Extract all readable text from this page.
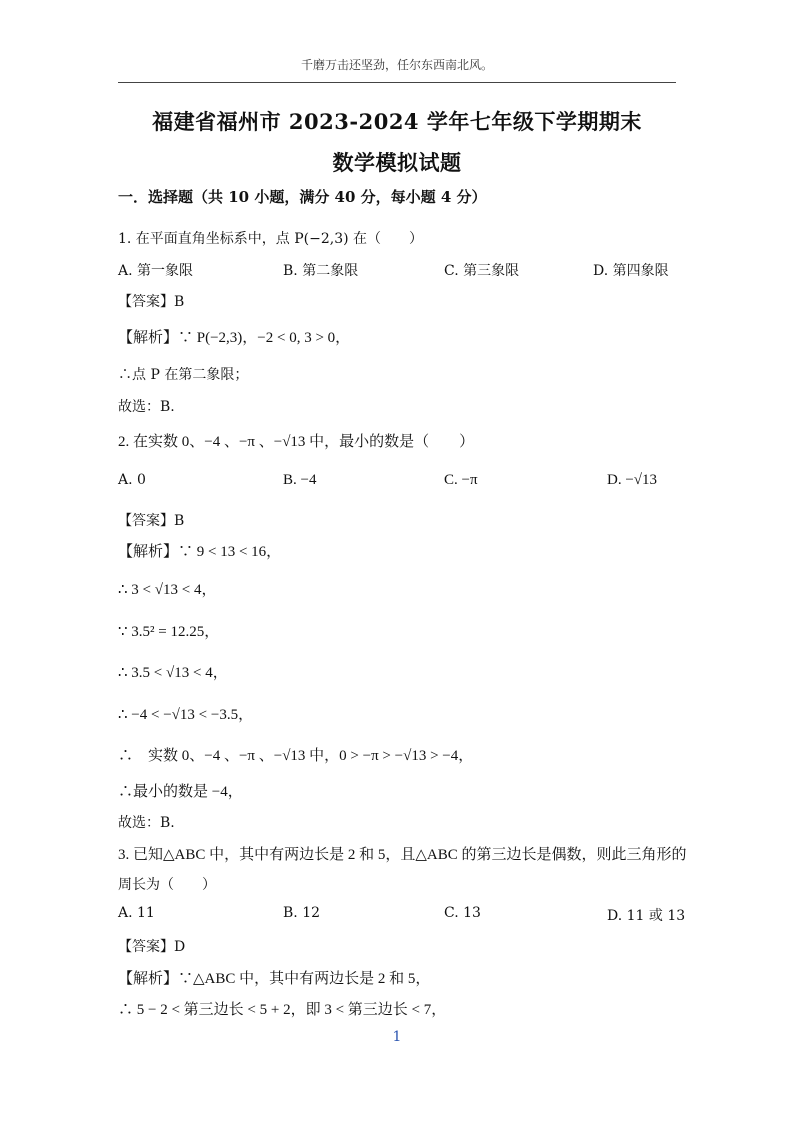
千磨万击还坚劲，任尔东西南北风。
福建省福州市 2023-2024 学年七年级下学期期末
数学模拟试题
一．选择题（共 10 小题，满分 40 分，每小题 4 分）
1. 在平面直角坐标系中，点 P(−2,3) 在（　　）
A. 第一象限	B. 第二象限	C. 第三象限	D. 第四象限
【答案】B
【解析】∵ P(−2,3)，−2 < 0, 3 > 0，
∴点 P 在第二象限；
故选：B.
2. 在实数 0、−4 、−π 、−√13 中，最小的数是（　　）
A. 0	B. −4	C. −π	D. −√13
【答案】B
【解析】∵ 9 < 13 < 16，
∴ 3 < √13 < 4，
∵ 3.5² = 12.25，
∴ 3.5 < √13 < 4，
∴ −4 < −√13 < −3.5，
∴　实数 0、−4 、−π 、−√13 中，0 > −π > −√13 > −4，
∴最小的数是 −4，
故选：B.
3. 已知△ABC 中，其中有两边长是 2 和 5，且△ABC 的第三边长是偶数，则此三角形的
周长为（　　）
A. 11	B. 12	C. 13	D. 11 或 13
【答案】D
【解析】∵△ABC 中，其中有两边长是 2 和 5，
∴ 5 − 2 < 第三边长 < 5 + 2，即 3 < 第三边长 < 7，
1
